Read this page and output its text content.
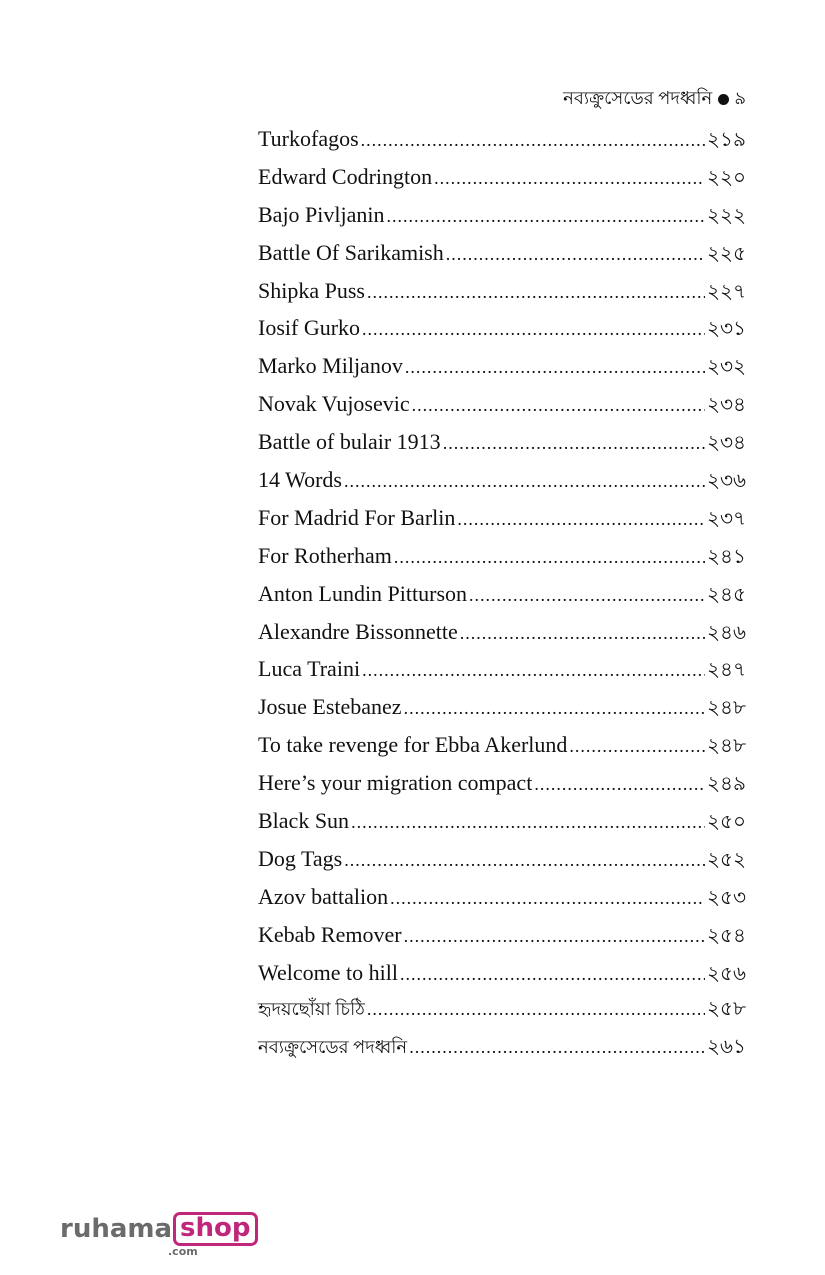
নব্যক্রুসেডের পদধ্বনি ৯
Turkofagos .....	২১৯
Edward Codrington .....	২২০
Bajo Pivljanin .....	২২২
Battle Of Sarikamish .....	২২৫
Shipka Puss .....	২২৭
Iosif Gurko .....	২৩১
Marko Miljanov .....	২৩২
Novak Vujosevic .....	২৩৪
Battle of bulair 1913 .....	২৩৪
14 Words .....	২৩৬
For Madrid For Barlin .....	২৩৭
For Rotherham .....	২৪১
Anton Lundin Pitturson .....	২৪৫
Alexandre Bissonnette .....	২৪৬
Luca Traini .....	২৪৭
Josue Estebanez .....	২৪৮
To take revenge for Ebba Akerlund .....	২৪৮
Here’s your migration compact .....	২৪৯
Black Sun .....	২৫০
Dog Tags .....	২৫২
Azov battalion .....	২৫৩
Kebab Remover .....	২৫৪
Welcome to hill .....	২৫৬
হৃদয়ছোঁয়া চিঠি .....	২৫৮
নব্যক্রুসেডের পদধ্বনি .....	২৬১
ruhama shop
.com
